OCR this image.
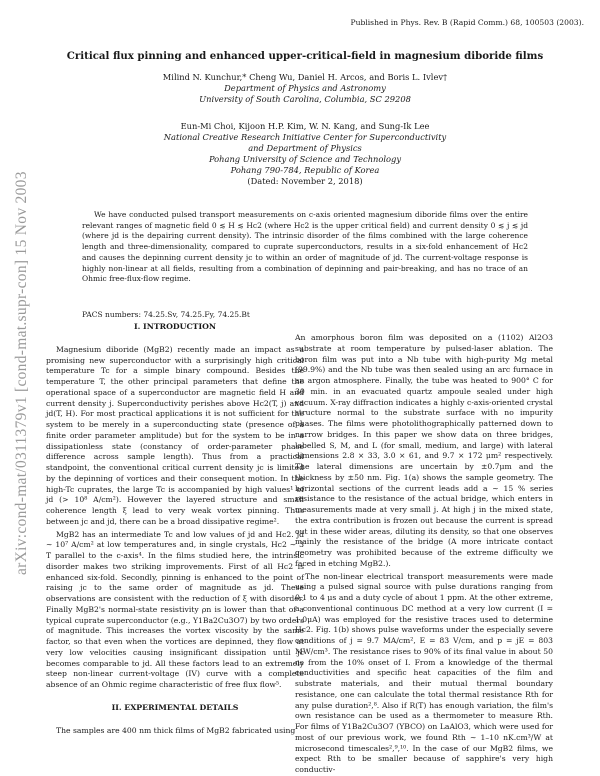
Published in Phys. Rev. B (Rapid Comm.) 68, 100503 (2003).
arXiv:cond-mat/0311379v1 [cond-mat.supr-con] 15 Nov 2003
Critical flux pinning and enhanced upper-critical-field in magnesium diboride films
Milind N. Kunchur,* Cheng Wu, Daniel H. Arcos, and Boris L. Ivlev†
Department of Physics and Astronomy
University of South Carolina, Columbia, SC 29208
Eun-Mi Choi, Kijoon H.P. Kim, W. N. Kang, and Sung-Ik Lee
National Creative Research Initiative Center for Superconductivity
and Department of Physics
Pohang University of Science and Technology
Pohang 790-784, Republic of Korea
(Dated: November 2, 2018)
We have conducted pulsed transport measurements on c-axis oriented magnesium diboride films over the entire relevant ranges of magnetic field 0 ≲ H ≲ Hc2 (where Hc2 is the upper critical field) and current density 0 ≲ j ≲ jd (where jd is the depairing current density). The intrinsic disorder of the films combined with the large coherence length and three-dimensionality, compared to cuprate superconductors, results in a six-fold enhancement of Hc2 and causes the depinning current density jc to within an order of magnitude of jd. The current-voltage response is highly non-linear at all fields, resulting from a combination of depinning and pair-breaking, and has no trace of an Ohmic free-flux-flow regime.
PACS numbers: 74.25.Sv, 74.25.Fy, 74.25.Bt
I. INTRODUCTION

Magnesium diboride (MgB2) recently made an impact as a promising new superconductor with a surprisingly high critical temperature Tc for a simple binary compound. Besides the temperature T, the other principal parameters that define the operational space of a superconductor are magnetic field H and current density j. Superconductivity perishes above Hc2(T, j) and jd(T, H). For most practical applications it is not sufficient for the system to be merely in a superconducting state (presence of a finite order parameter amplitude) but for the system to be in a dissipationless state (constancy of order-parameter phase difference across sample length). Thus from a practical standpoint, the conventional critical current density jc is limited by the depinning of vortices and their consequent motion. In the high-Tc cuprates, the large Tc is accompanied by high values¹ of jd (> 10⁸ A/cm²). However the layered structure and small coherence length ξ lead to very weak vortex pinning. Thus between jc and jd, there can be a broad dissipative regime².

MgB2 has an intermediate Tc and low values of jd and Hc2. jd ∼ 10⁷ A/cm² at low temperatures and, in single crystals, Hc2 ∼ 3 T parallel to the c-axis⁴. In the films studied here, the intrinsic disorder makes two striking improvements. First of all Hc2 is enhanced six-fold. Secondly, pinning is enhanced to the point of raising jc to the same order of magnitude as jd. These observations are consistent with the reduction of ξ with disorder. Finally MgB2's normal-state resistivity ρn is lower than that of a typical cuprate superconductor (e.g., Y1Ba2Cu3O7) by two orders of magnitude. This increases the vortex viscosity by the same factor, so that even when the vortices are depinned, they flow at very low velocities causing insignificant dissipation until jc becomes comparable to jd. All these factors lead to an extremely steep non-linear current-voltage (IV) curve with a complete absence of an Ohmic regime characteristic of free flux flow⁵.

II. EXPERIMENTAL DETAILS

The samples are 400 nm thick films of MgB2 fabricated using

An amorphous boron film was deposited on a (1102) Al2O3 substrate at room temperature by pulsed-laser ablation. The boron film was put into a Nb tube with high-purity Mg metal (99.9%) and the Nb tube was then sealed using an arc furnace in an argon atmosphere. Finally, the tube was heated to 900° C for 30 min. in an evacuated quartz ampoule sealed under high vacuum. X-ray diffraction indicates a highly c-axis-oriented crystal structure normal to the substrate surface with no impurity phases. The films were photolithographically patterned down to narrow bridges. In this paper we show data on three bridges, labelled S, M, and L (for small, medium, and large) with lateral dimensions 2.8 × 33, 3.0 × 61, and 9.7 × 172 μm² respectively. The lateral dimensions are uncertain by ±0.7μm and the thickness by ±50 nm. Fig. 1(a) shows the sample geometry. The horizontal sections of the current leads add a ∼ 15 % series resistance to the resistance of the actual bridge, which enters in measurements made at very small j. At high j in the mixed state, the extra contribution is frozen out because the current is spread out in these wider areas, diluting its density, so that one observes mainly the resistance of the bridge (A more intricate contact geometry was prohibited because of the extreme difficulty we faced in etching MgB2.).

The non-linear electrical transport measurements were made using a pulsed signal source with pulse durations ranging from 0.1 to 4 μs and a duty cycle of about 1 ppm. At the other extreme, a conventional continuous DC method at a very low current (I = 1.0μA) was employed for the resistive traces used to determine Hc2. Fig. 1(b) shows pulse waveforms under the especially severe conditions of j = 9.7 MA/cm², E = 83 V/cm, and p = jE = 803 MW/cm³. The resistance rises to 90% of its final value in about 50 ns from the 10% onset of I. From a knowledge of the thermal conductivities and specific heat capacities of the film and substrate materials, and their mutual thermal boundary resistance, one can calculate the total thermal resistance Rth for any pulse duration²,⁸. Also if R(T) has enough variation, the film's own resistance can be used as a thermometer to measure Rth. For films of Y1Ba2Cu3O7 (YBCO) on LaAlO3, which were used for most of our previous work, we found Rth ∼ 1–10 nK.cm³/W at microsecond timescales²,⁹,¹⁰. In the case of our MgB2 films, we expect Rth to be smaller because of sapphire's very high conductiv-
